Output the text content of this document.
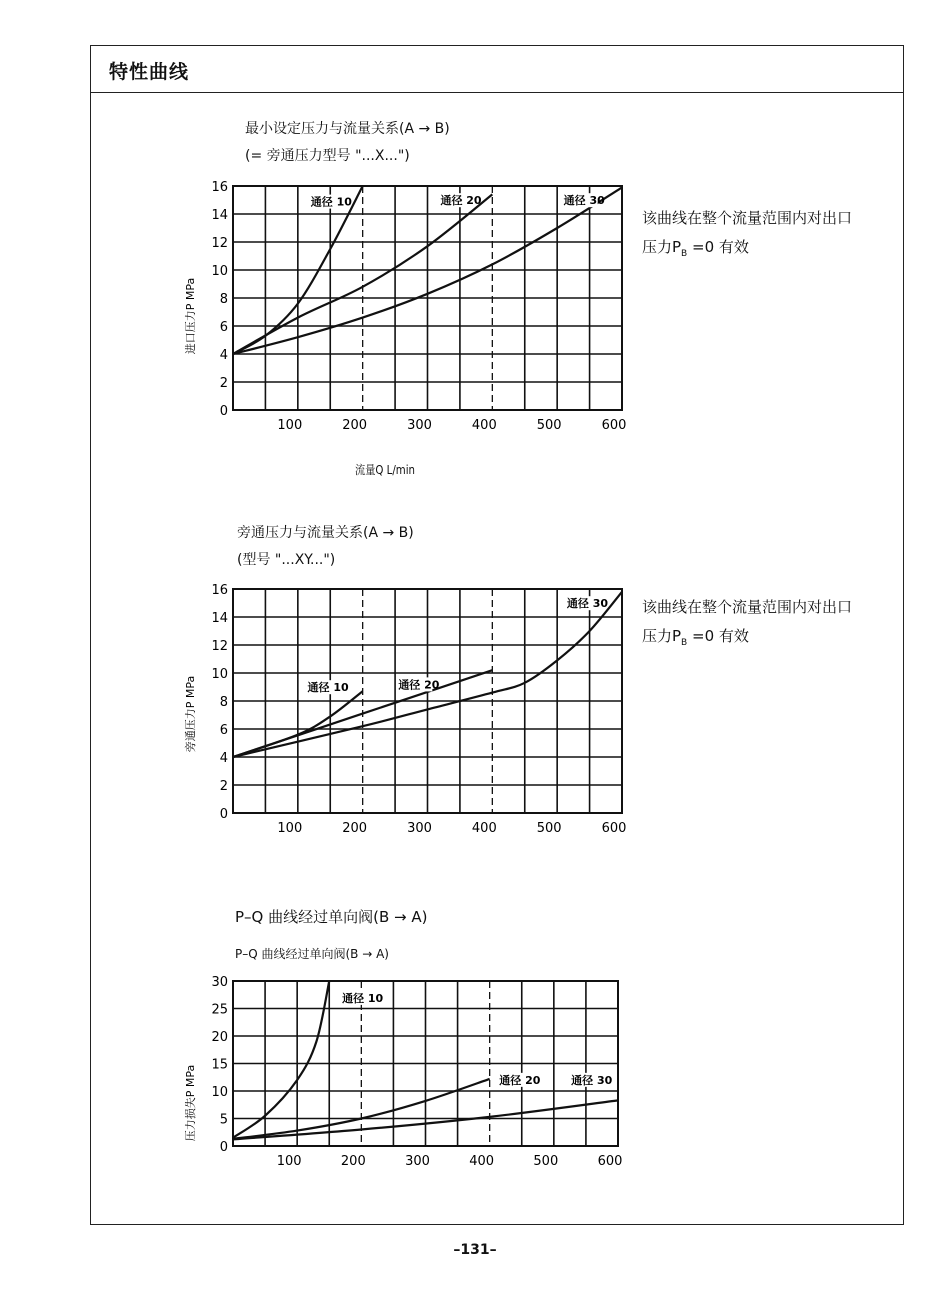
特性曲线
最小设定压力与流量关系(A → B)
(= 旁通压力型号 "...X...")
0
2
4
6
8
10
12
14
16
100	200	300	400	500	600
进口压力P MPa
通径 10	通径 20	通径 30
0
2
4
6
8
10
12
14
16
100	200	300	400	500	600
旁通压力P MPa	通径 10	通径 20
通径 30
0
5
10
15
20
25
30
100	200	300	400	500	600
压力损失P MPa
通径 10
通径 20	通径 30
该曲线在整个流量范围内对出口
压力$P_B =0$ 有效
流量Q L/min
旁通压力与流量关系(A → B)
(型号 "...XY...")
该曲线在整个流量范围内对出口
压力$P_B =0$ 有效
P–Q 曲线经过单向阀(B → A)
P–Q 曲线经过单向阀(B → A)
–131–
